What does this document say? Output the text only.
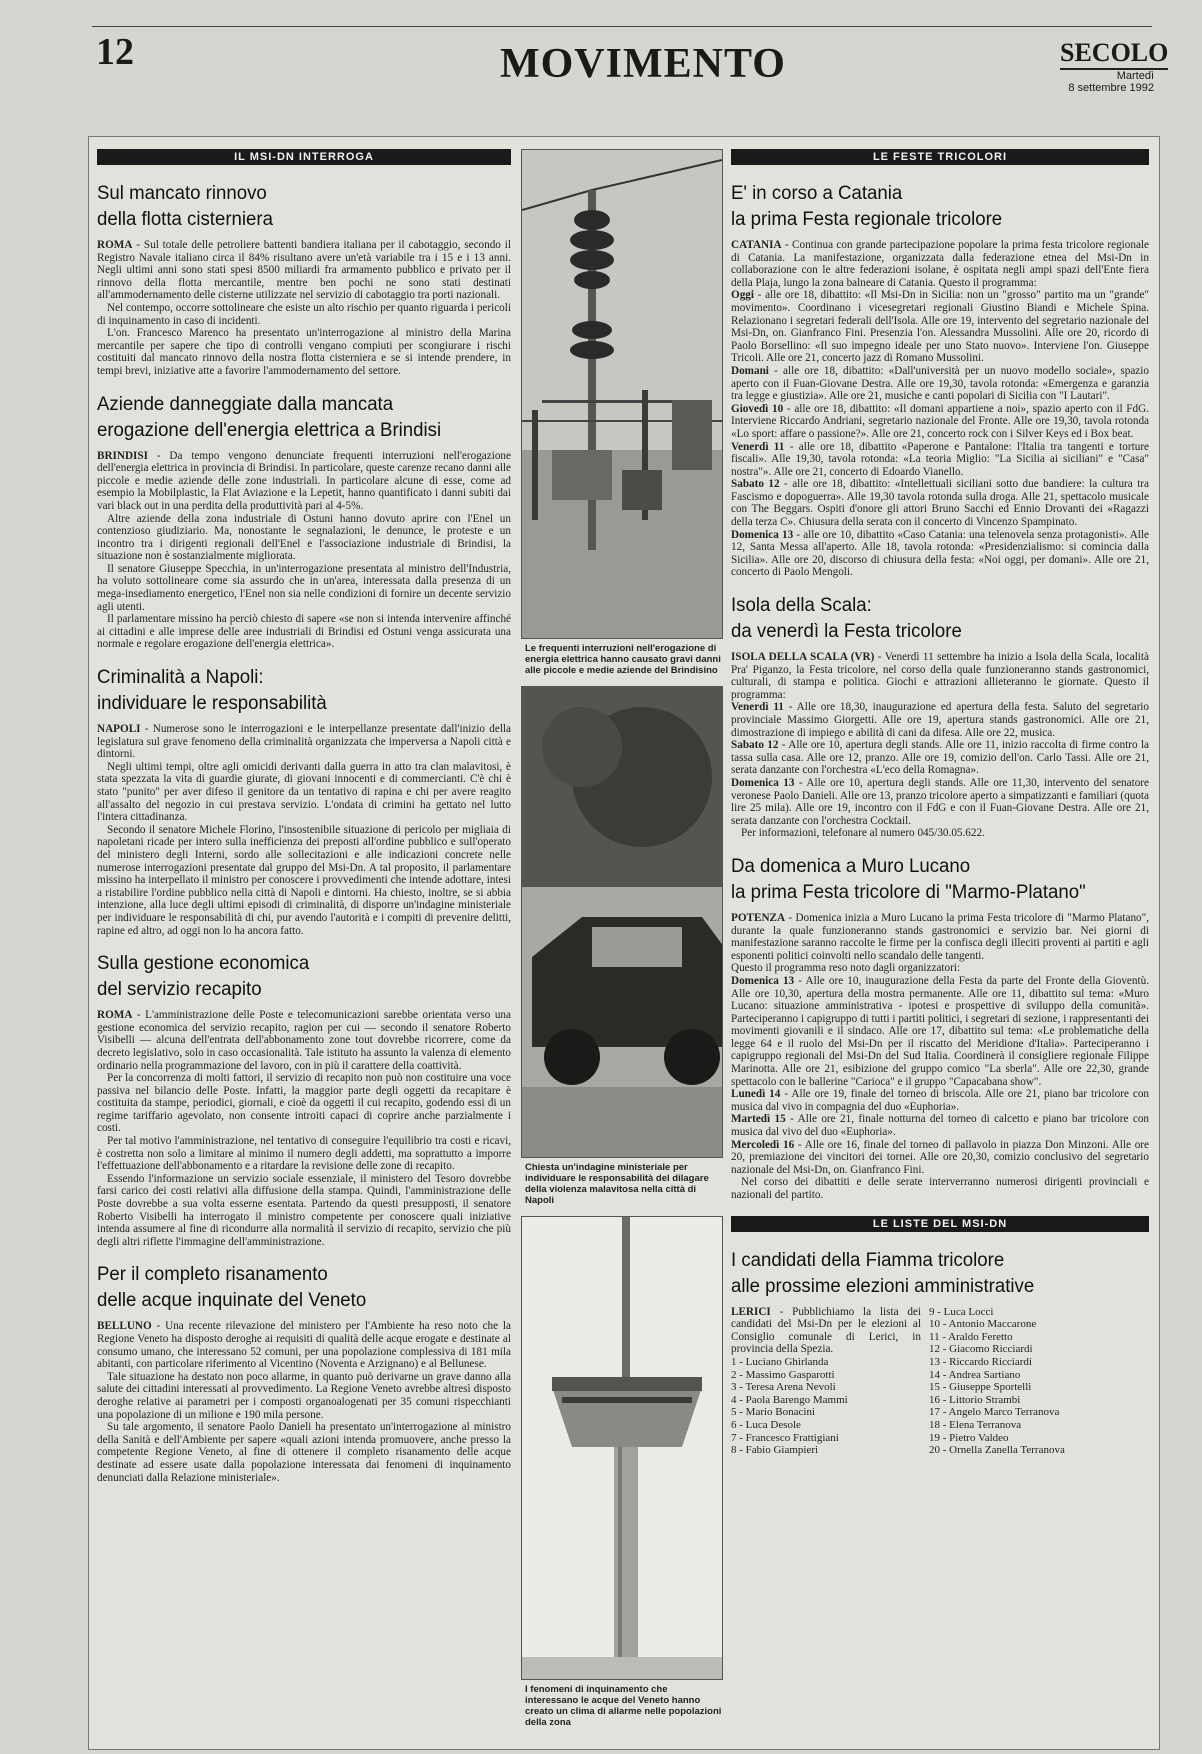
12	MOVIMENTO	SECOLO
Martedì
8 settembre 1992
IL MSI-DN INTERROGA
Sul mancato rinnovo
della flotta cisterniera

ROMA - Sul totale delle petroliere battenti bandiera italiana per il cabotaggio, secondo il Registro Navale italiano circa il 84% risultano avere un'età variabile tra i 15 e i 13 anni. Negli ultimi anni sono stati spesi 8500 miliardi fra armamento pubblico e privato per il rinnovo della flotta mercantile, mentre ben pochi ne sono stati destinati all'ammodernamento delle cisterne utilizzate nel servizio di cabotaggio tra porti nazionali.

Nel contempo, occorre sottolineare che esiste un alto rischio per quanto riguarda i pericoli di inquinamento in caso di incidenti.

L'on. Francesco Marenco ha presentato un'interrogazione al ministro della Marina mercantile per sapere che tipo di controlli vengano compiuti per scongiurare i rischi costituiti dal mancato rinnovo della nostra flotta cisterniera e se si intende prendere, in tempi brevi, iniziative atte a favorire l'ammodernamento del settore.

Aziende danneggiate dalla mancata
erogazione dell'energia elettrica a Brindisi

BRINDISI - Da tempo vengono denunciate frequenti interruzioni nell'erogazione dell'energia elettrica in provincia di Brindisi. In particolare, queste carenze recano danni alle piccole e medie aziende delle zone industriali. In particolare alcune di esse, come ad esempio la Mobilplastic, la Flat Aviazione e la Lepetit, hanno quantificato i danni subiti dai vari black out in una perdita della produttività pari al 4-5%.

Altre aziende della zona industriale di Ostuni hanno dovuto aprire con l'Enel un contenzioso giudiziario. Ma, nonostante le segnalazioni, le denunce, le proteste e un incontro tra i dirigenti regionali dell'Enel e l'associazione industriale di Brindisi, la situazione non è sostanzialmente migliorata.

Il senatore Giuseppe Specchia, in un'interrogazione presentata al ministro dell'Industria, ha voluto sottolineare come sia assurdo che in un'area, interessata dalla presenza di un mega-insediamento energetico, l'Enel non sia nelle condizioni di fornire un decente servizio agli utenti.

Il parlamentare missino ha perciò chiesto di sapere «se non si intenda intervenire affinché ai cittadini e alle imprese delle aree industriali di Brindisi ed Ostuni venga assicurata una normale e regolare erogazione dell'energia elettrica».

Criminalità a Napoli:
individuare le responsabilità

NAPOLI - Numerose sono le interrogazioni e le interpellanze presentate dall'inizio della legislatura sul grave fenomeno della criminalità organizzata che imperversa a Napoli città e dintorni.

Negli ultimi tempi, oltre agli omicidi derivanti dalla guerra in atto tra clan malavitosi, è stata spezzata la vita di guardie giurate, di giovani innocenti e di commercianti. C'è chi è stato "punito" per aver difeso il genitore da un tentativo di rapina e chi per avere reagito all'assalto del negozio in cui prestava servizio. L'ondata di crimini ha gettato nel lutto l'intera cittadinanza.

Secondo il senatore Michele Florino, l'insostenibile situazione di pericolo per migliaia di napoletani ricade per intero sulla inefficienza dei preposti all'ordine pubblico e sull'operato del ministero degli Interni, sordo alle sollecitazioni e alle indicazioni concrete nelle numerose interrogazioni presentate dal gruppo del Msi-Dn. A tal proposito, il parlamentare missino ha interpellato il ministro per conoscere i provvedimenti che intende adottare, intesi a ristabilire l'ordine pubblico nella città di Napoli e dintorni. Ha chiesto, inoltre, se si abbia intenzione, alla luce degli ultimi episodi di criminalità, di disporre un'indagine ministeriale per individuare le responsabilità di chi, pur avendo l'autorità e i compiti di prevenire delitti, rapine ed altro, ad oggi non lo ha ancora fatto.

Sulla gestione economica
del servizio recapito

ROMA - L'amministrazione delle Poste e telecomunicazioni sarebbe orientata verso una gestione economica del servizio recapito, ragion per cui — secondo il senatore Roberto Visibelli — alcuna dell'entrata dell'abbonamento zone tout dovrebbe ricorrere, come da decreto legislativo, solo in caso occasionalità. Tale istituto ha assunto la valenza di elemento ordinario nella programmazione del lavoro, con in più il carattere della coattività.

Per la concorrenza di molti fattori, il servizio di recapito non può non costituire una voce passiva nel bilancio delle Poste. Infatti, la maggior parte degli oggetti da recapitare è costituita da stampe, periodici, giornali, e cioè da oggetti il cui recapito, godendo essi di un regime tariffario agevolato, non consente introiti capaci di coprire anche parzialmente i costi.

Per tal motivo l'amministrazione, nel tentativo di conseguire l'equilibrio tra costi e ricavi, è costretta non solo a limitare al minimo il numero degli addetti, ma soprattutto a imporre l'effettuazione dell'abbonamento e a ritardare la revisione delle zone di recapito.

Essendo l'informazione un servizio sociale essenziale, il ministero del Tesoro dovrebbe farsi carico dei costi relativi alla diffusione della stampa. Quindi, l'amministrazione delle Poste dovrebbe a sua volta esserne esentata. Partendo da questi presupposti, il senatore Roberto Visibelli ha interrogato il ministro competente per conoscere quali iniziative intenda assumere al fine di ricondurre alla normalità il servizio di recapito, servizio che più degli altri riflette l'immagine dell'amministrazione.

Per il completo risanamento
delle acque inquinate del Veneto

BELLUNO - Una recente rilevazione del ministero per l'Ambiente ha reso noto che la Regione Veneto ha disposto deroghe ai requisiti di qualità delle acque erogate e destinate al consumo umano, che interessano 52 comuni, per una popolazione complessiva di 181 mila abitanti, con particolare riferimento al Vicentino (Noventa e Arzignano) e al Bellunese.

Tale situazione ha destato non poco allarme, in quanto può derivarne un grave danno alla salute dei cittadini interessati al provvedimento. La Regione Veneto avrebbe altresì disposto deroghe relative ai parametri per i composti organoalogenati per 35 comuni rispecchianti una popolazione di un milione e 190 mila persone.

Su tale argomento, il senatore Paolo Danieli ha presentato un'interrogazione al ministro della Sanità e dell'Ambiente per sapere «quali azioni intenda promuovere, anche presso la competente Regione Veneto, al fine di ottenere il completo risanamento delle acque destinate ad essere usate dalla popolazione interessata dai fenomeni di inquinamento denunciati dalla Relazione ministeriale».

Le frequenti interruzioni nell'erogazione di energia elettrica hanno causato gravi danni alle piccole e medie aziende del Brindisino
Chiesta un'indagine ministeriale per individuare le responsabilità del dilagare della violenza malavitosa nella città di Napoli
I fenomeni di inquinamento che interessano le acque del Veneto hanno creato un clima di allarme nelle popolazioni della zona
LE FESTE TRICOLORI
E' in corso a Catania
la prima Festa regionale tricolore

CATANIA - Continua con grande partecipazione popolare la prima festa tricolore regionale di Catania. La manifestazione, organizzata dalla federazione etnea del Msi-Dn in collaborazione con le altre federazioni isolane, è ospitata negli ampi spazi dell'Ente fiera della Plaja, lungo la zona balneare di Catania. Questo il programma:

Oggi - alle ore 18, dibattito: «Il Msi-Dn in Sicilia: non un "grosso" partito ma un "grande" movimento». Coordinano i vicesegretari regionali Giustino Biandi e Michele Spina. Relazionano i segretari federali dell'Isola. Alle ore 19, intervento del segretario nazionale del Msi-Dn, on. Gianfranco Fini. Presenzia l'on. Alessandra Mussolini. Alle ore 20, ricordo di Paolo Borsellino: «Il suo impegno ideale per uno Stato nuovo». Interviene l'on. Giuseppe Tricoli. Alle ore 21, concerto jazz di Romano Mussolini.

Domani - alle ore 18, dibattito: «Dall'università per un nuovo modello sociale», spazio aperto con il Fuan-Giovane Destra. Alle ore 19,30, tavola rotonda: «Emergenza e garanzia tra legge e giustizia». Alle ore 21, musiche e canti popolari di Sicilia con "I Lautari".

Giovedì 10 - alle ore 18, dibattito: «Il domani appartiene a noi», spazio aperto con il FdG. Interviene Riccardo Andriani, segretario nazionale del Fronte. Alle ore 19,30, tavola rotonda «Lo sport: affare o passione?». Alle ore 21, concerto rock con i Silver Keys ed i Box beat.

Venerdì 11 - alle ore 18, dibattito «Paperone e Pantalone: l'Italia tra tangenti e torture fiscali». Alle 19,30, tavola rotonda: «La teoria Miglio: "La Sicilia ai siciliani" e "Casa" nostra"». Alle ore 21, concerto di Edoardo Vianello.

Sabato 12 - alle ore 18, dibattito: «Intellettuali siciliani sotto due bandiere: la cultura tra Fascismo e dopoguerra». Alle 19,30 tavola rotonda sulla droga. Alle 21, spettacolo musicale con The Beggars. Ospiti d'onore gli attori Bruno Sacchi ed Ennio Drovanti dei «Ragazzi della terza C». Chiusura della serata con il concerto di Vincenzo Spampinato.

Domenica 13 - alle ore 10, dibattito «Caso Catania: una telenovela senza protagonisti». Alle 12, Santa Messa all'aperto. Alle 18, tavola rotonda: «Presidenzialismo: si comincia dalla Sicilia». Alle ore 20, discorso di chiusura della festa: «Noi oggi, per domani». Alle ore 21, concerto di Paolo Mengoli.

Isola della Scala:
da venerdì la Festa tricolore

ISOLA DELLA SCALA (VR) - Venerdì 11 settembre ha inizio a Isola della Scala, località Pra' Piganzo, la Festa tricolore, nel corso della quale funzioneranno stands gastronomici, culturali, di stampa e politica. Giochi e attrazioni allieteranno le giornate. Questo il programma:

Venerdì 11 - Alle ore 18,30, inaugurazione ed apertura della festa. Saluto del segretario provinciale Massimo Giorgetti. Alle ore 19, apertura stands gastronomici. Alle ore 21, dimostrazione di impiego e abilità di cani da difesa. Alle ore 22, musica.

Sabato 12 - Alle ore 10, apertura degli stands. Alle ore 11, inizio raccolta di firme contro la tassa sulla casa. Alle ore 12, pranzo. Alle ore 19, comizio dell'on. Carlo Tassi. Alle ore 21, serata danzante con l'orchestra «L'eco della Romagna».

Domenica 13 - Alle ore 10, apertura degli stands. Alle ore 11,30, intervento del senatore veronese Paolo Danieli. Alle ore 13, pranzo tricolore aperto a simpatizzanti e familiari (quota lire 25 mila). Alle ore 19, incontro con il FdG e con il Fuan-Giovane Destra. Alle ore 21, serata danzante con l'orchestra Cocktail.

Per informazioni, telefonare al numero 045/30.05.622.

Da domenica a Muro Lucano
la prima Festa tricolore di "Marmo-Platano"

POTENZA - Domenica inizia a Muro Lucano la prima Festa tricolore di "Marmo Platano", durante la quale funzioneranno stands gastronomici e servizio bar. Nei giorni di manifestazione saranno raccolte le firme per la confisca degli illeciti proventi ai partiti e agli esponenti politici coinvolti nello scandalo delle tangenti.

Questo il programma reso noto dagli organizzatori:

Domenica 13 - Alle ore 10, inaugurazione della Festa da parte del Fronte della Gioventù. Alle ore 10,30, apertura della mostra permanente. Alle ore 11, dibattito sul tema: «Muro Lucano: situazione amministrativa - ipotesi e prospettive di sviluppo della comunità». Parteciperanno i capigruppo di tutti i partiti politici, i segretari di sezione, i rappresentanti dei movimenti giovanili e il sindaco. Alle ore 17, dibattito sul tema: «Le problematiche della legge 64 e il ruolo del Msi-Dn per il riscatto del Meridione d'Italia». Parteciperanno i capigruppo regionali del Msi-Dn del Sud Italia. Coordinerà il consigliere regionale Filippe Marinotta. Alle ore 21, esibizione del gruppo comico "La sberla". Alle ore 22,30, grande spettacolo con le ballerine "Carioca" e il gruppo "Capacabana show".

Lunedì 14 - Alle ore 19, finale del torneo di briscola. Alle ore 21, piano bar tricolore con musica dal vivo in compagnia del duo «Euphoria».

Martedì 15 - Alle ore 21, finale notturna del torneo di calcetto e piano bar tricolore con musica dal vivo del duo «Euphoria».

Mercoledì 16 - Alle ore 16, finale del torneo di pallavolo in piazza Don Minzoni. Alle ore 20, premiazione dei vincitori dei tornei. Alle ore 20,30, comizio conclusivo del segretario nazionale del Msi-Dn, on. Gianfranco Fini.

Nel corso dei dibattiti e delle serate interverranno numerosi dirigenti provinciali e nazionali del partito.

LE LISTE DEL MSI-DN
I candidati della Fiamma tricolore
alle prossime elezioni amministrative

LERICI - Pubblichiamo la lista dei candidati del Msi-Dn per le elezioni al Consiglio comunale di Lerici, in provincia della Spezia.

1 - Luciano Ghirlanda
2 - Massimo Gasparotti
3 - Teresa Arena Nevoli
4 - Paola Barengo Mammi
5 - Mario Bonacini
6 - Luca Desole
7 - Francesco Frattigiani
8 - Fabio Giampieri
9 - Luca Locci
10 - Antonio Maccarone
11 - Araldo Feretto
12 - Giacomo Ricciardi
13 - Riccardo Ricciardi
14 - Andrea Sartiano
15 - Giuseppe Sportelli
16 - Littorio Strambi
17 - Angelo Marco Terranova
18 - Elena Terranova
19 - Pietro Valdeo
20 - Ornella Zanella Terranova
